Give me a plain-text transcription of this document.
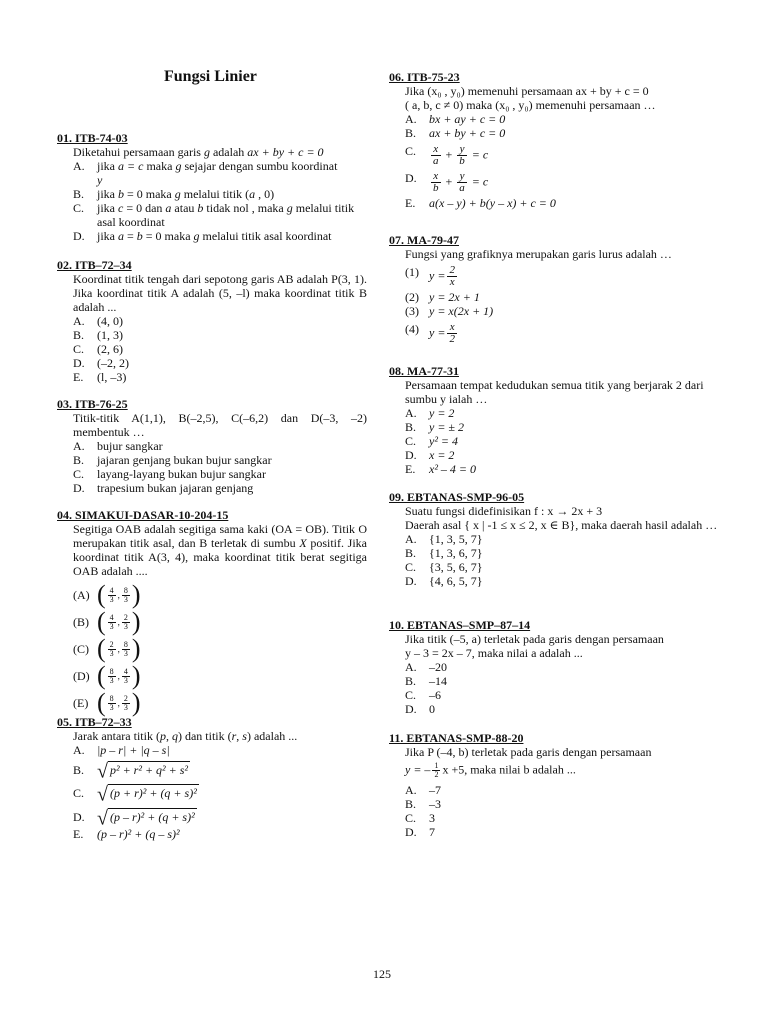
Fungsi Linier
01. ITB-74-03
Diketahui persamaan garis g adalah ax + by + c = 0
A.	jika a = c maka g sejajar dengan sumbu koordinat
y
B.	jika b = 0 maka g melalui titik (a , 0)
C.	jika c = 0 dan a atau b tidak nol , maka g melalui titik asal koordinat
D.	jika a = b = 0 maka g melalui titik asal koordinat
02. ITB–72–34
Koordinat titik tengah dari sepotong garis AB adalah P(3, 1). Jika koordinat titik A adalah (5, –l) maka koordinat titik B adalah ...
A.	(4, 0)
B.	(1, 3)
C.	(2, 6)
D.	(–2, 2)
E.	(l, –3)
03. ITB-76-25
Titik-titik A(1,1), B(–2,5), C(–6,2) dan D(–3, –2) membentuk …
A.	bujur sangkar
B.	jajaran genjang bukan bujur sangkar
C.	layang-layang bukan bujur sangkar
D.	trapesium bukan jajaran genjang
04. SIMAKUI-DASAR-10-204-15
Segitiga OAB adalah segitiga sama kaki (OA = OB). Titik O merupakan titik asal, dan B terletak di sumbu X positif. Jika koordinat titik A(3, 4), maka koordinat titik berat segitiga OAB adalah ....
(A) ( $\frac{4}{3}$ , $\frac{8}{3}$ )
(B) ( $\frac{4}{3}$ , $\frac{2}{3}$ )
(C) ( $\frac{2}{3}$ , $\frac{8}{3}$ )
(D) ( $\frac{8}{3}$ , $\frac{4}{3}$ )
(E) ( $\frac{8}{3}$ , $\frac{2}{3}$ )
05. ITB–72–33
Jarak antara titik (p, q) dan titik (r, s) adalah ...
A.	|p – r| + |q – s|
B. √ p² + r² + q² + s²
C. √ (p + r)² + (q + s)²
D. √ (p – r)² + (q + s)²
E.	(p – r)² + (q – s)²
06. ITB-75-23
Jika (x₀ , y₀) memenuhi persamaan ax + by + c = 0
( a, b, c ≠ 0) maka (x₀ , y₀) memenuhi persamaan …
A.	bx + ay + c = 0
B.	ax + by + c = 0
C.	$\frac{x}{a} + \frac{y}{b} = c$
D.	$\frac{x}{b} + \frac{y}{a} = c$
E.	a(x – y) + b(y – x) + c = 0
07. MA-79-47
Fungsi yang grafiknya merupakan garis lurus adalah …
(1) $y = \frac{2}{x}$
(2) y = 2x + 1
(3) y = x(2x + 1)
(4) $y = \frac{x}{2}$
08. MA-77-31
Persamaan tempat kedudukan semua titik yang berjarak 2 dari sumbu y ialah …
A.	y = 2
B.	y = ± 2
C.	y² = 4
D.	x = 2
E.	x² – 4 = 0
09. EBTANAS-SMP-96-05
Suatu fungsi didefinisikan f : x → 2x + 3
Daerah asal { x | -1 ≤ x ≤ 2, x ∈ B}, maka daerah hasil adalah …
A.	{1, 3, 5, 7}
B.	{1, 3, 6, 7}
C.	{3, 5, 6, 7}
D.	{4, 6, 5, 7}
10. EBTANAS–SMP–87–14
Jika titik (–5, a) terletak pada garis dengan persamaan
y – 3 = 2x – 7, maka nilai a adalah ...
A.	–20
B.	–14
C.	–6
D.	0
11. EBTANAS-SMP-88-20
Jika P (–4, b) terletak pada garis dengan persamaan
y = – $\frac{1}{2}$ x +5, maka nilai b adalah ...
A.	–7
B.	–3
C.	3
D.	7
125
